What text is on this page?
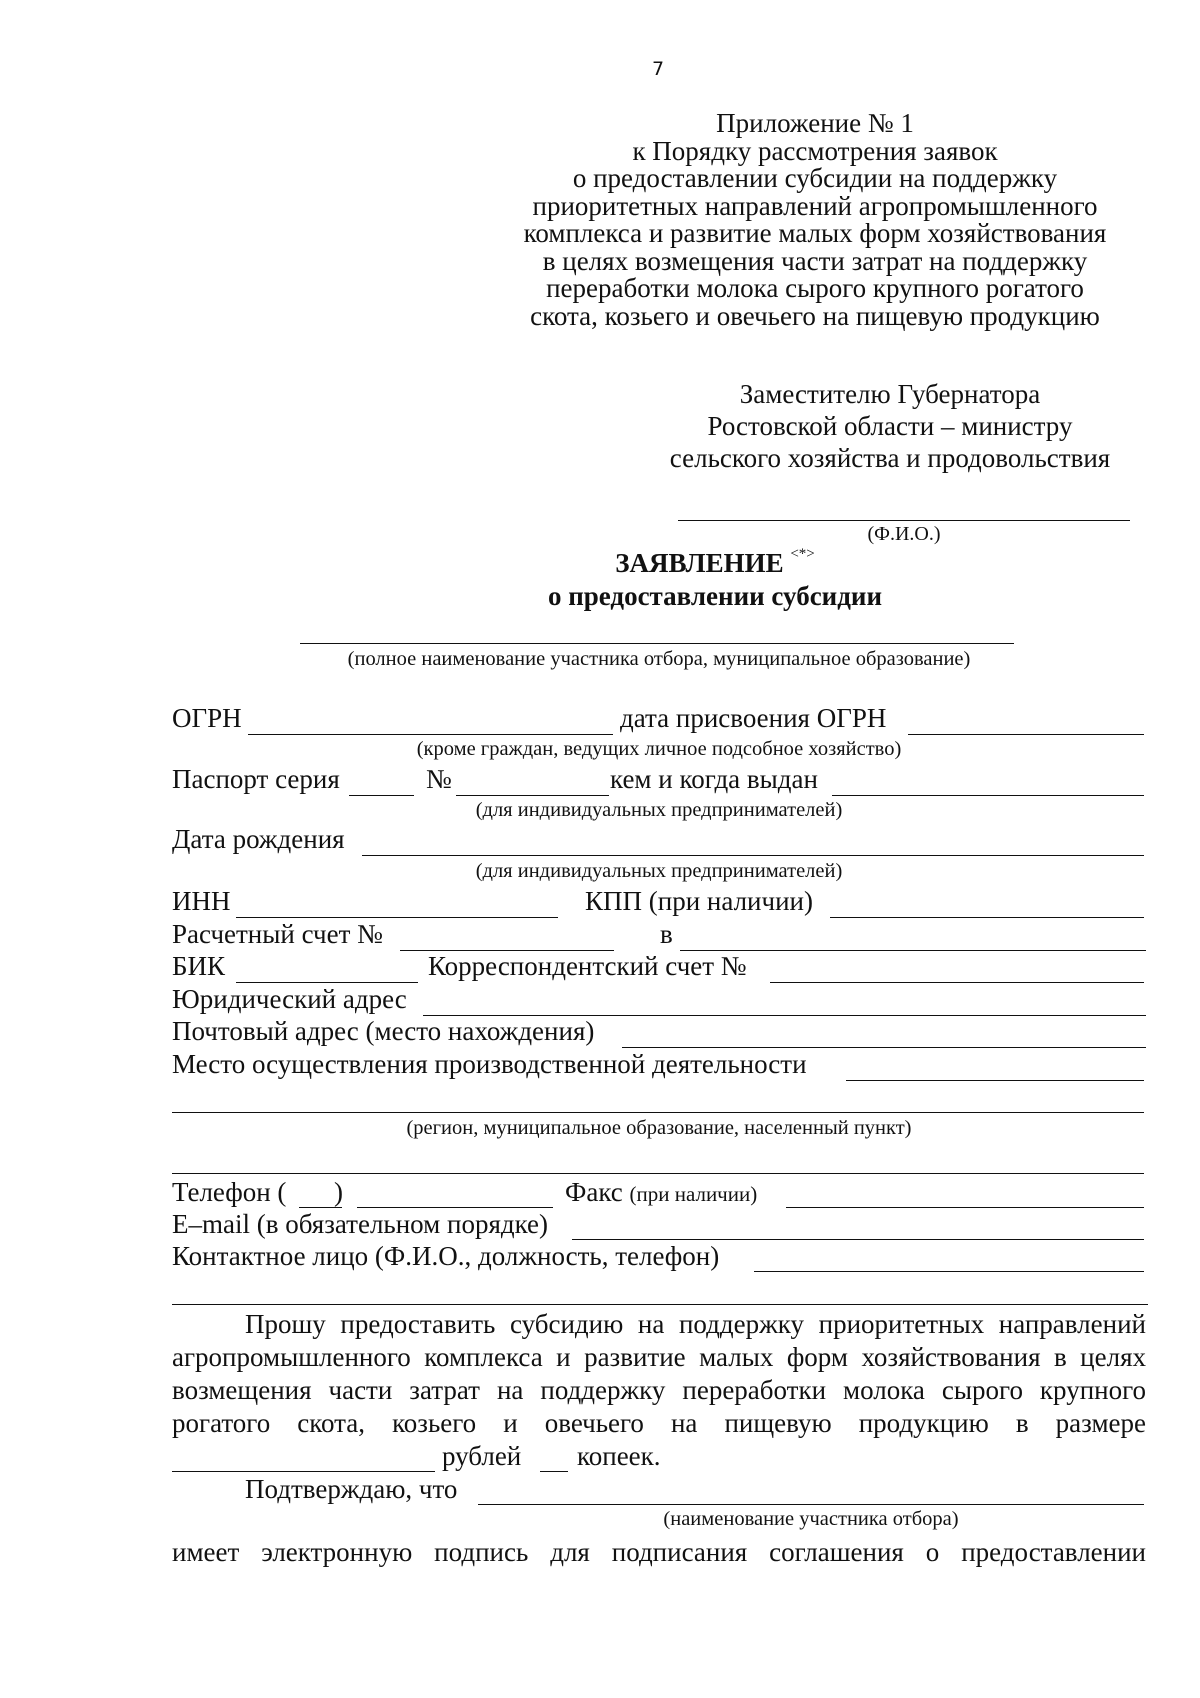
7
Приложение № 1
к Порядку рассмотрения заявок
о предоставлении субсидии на поддержку
приоритетных направлений агропромышленного
комплекса и развитие малых форм хозяйствования
в целях возмещения части затрат на поддержку
переработки молока сырого крупного рогатого
скота, козьего и овечьего на пищевую продукцию
Заместителю Губернатора
Ростовской области – министру
сельского хозяйства и продовольствия
(Ф.И.О.)
ЗАЯВЛЕНИЕ <*>
о предоставлении субсидии
(полное наименование участника отбора, муниципальное образование)
ОГРН	дата присвоения ОГРН
(кроме граждан, ведущих личное подсобное хозяйство)
Паспорт серия	№	кем и когда выдан
(для индивидуальных предпринимателей)
Дата рождения
(для индивидуальных предпринимателей)
ИНН	КПП (при наличии)
Расчетный счет №	в
БИК	Корреспондентский счет №
Юридический адрес
Почтовый адрес (место нахождения)
Место осуществления производственной деятельности
(регион, муниципальное образование, населенный пункт)
Телефон ( )	Факс (при наличии)
E–mail (в обязательном порядке)
Контактное лицо (Ф.И.О., должность, телефон)
Прошу предоставить субсидию на поддержку приоритетных направлений
агропромышленного комплекса и развитие малых форм хозяйствования в целях
возмещения части затрат на поддержку переработки молока сырого крупного
рогатого скота, козьего и овечьего на пищевую продукцию в размере
рублей копеек.
Подтверждаю, что
(наименование участника отбора)
имеет электронную подпись для подписания соглашения о предоставлении
